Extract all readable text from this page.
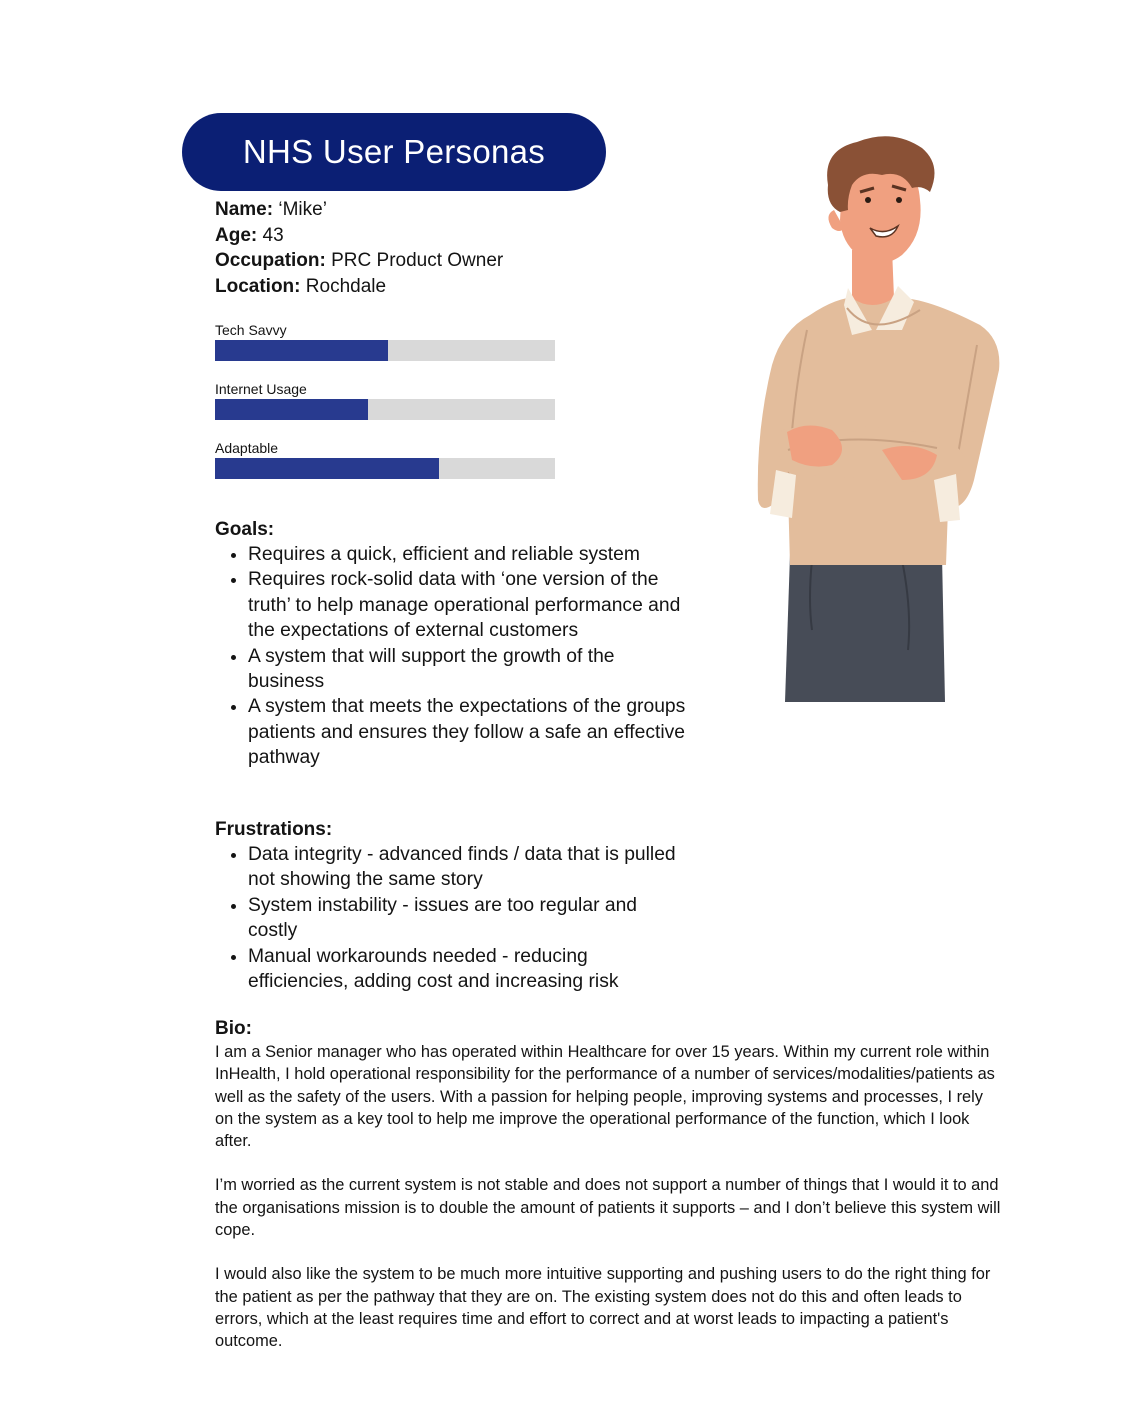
NHS User Personas
Name: ‘Mike’
Age: 43
Occupation: PRC Product Owner
Location: Rochdale
Tech Savvy
Internet Usage
Adaptable
Goals:
• Requires a quick, efficient and reliable system
• Requires rock-solid data with ‘one version of the truth’ to help manage operational performance and the expectations of external customers
• A system that will support the growth of the business
• A system that meets the expectations of the groups patients and ensures they follow a safe an effective pathway
Frustrations:
• Data integrity - advanced finds / data that is pulled not showing the same story
• System instability - issues are too regular and costly
• Manual workarounds needed - reducing efficiencies, adding cost and increasing risk
Bio:

I am a Senior manager who has operated within Healthcare for over 15 years. Within my current role within InHealth, I hold operational responsibility for the performance of a number of services/modalities/patients as well as the safety of the users. With a passion for helping people, improving systems and processes, I rely on the system as a key tool to help me improve the operational performance of the function, which I look after.

I’m worried as the current system is not stable and does not support a number of things that I would it to and the organisations mission is to double the amount of patients it supports – and I don’t believe this system will cope.

I would also like the system to be much more intuitive supporting and pushing users to do the right thing for the patient as per the pathway that they are on. The existing system does not do this and often leads to errors, which at the least requires time and effort to correct and at worst leads to impacting a patient's outcome.
